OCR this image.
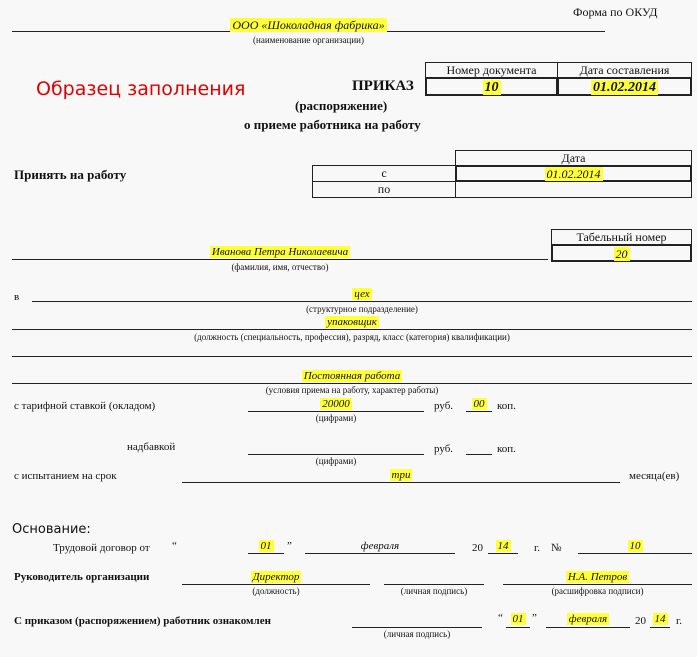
Форма по ОКУД
ООО «Шоколадная фабрика»
(наименование организации)
Образец заполнения	ПРИКАЗ
(распоряжение)
о приеме работника на работу
Номер документа	Дата составления
10	01.02.2014
Принять на работу
Дата
с	01.02.2014
по
Табельный номер
20
Иванова Петра Николаевича
(фамилия, имя, отчество)
в	цех
(структурное подразделение)
упаковщик
(должность (специальность, профессия), разряд, класс (категория) квалификации)
Постоянная работа
(условия приема на работу, характер работы)
с тарифной ставкой (окладом)	20000
(цифрами)
руб.	00	коп.
надбавкой
(цифрами)
руб.	коп.
с испытанием на срок	три	месяца(ев)
Основание:
Трудовой договор от “	01	”	февраля	20	14	г. №	10
Руководитель организации	Директор
(должность)	(личная подпись)
Н.А. Петров
(расшифровка подписи)
С приказом (распоряжением) работник ознакомлен
(личная подпись)
“ 01 ”	февраля	20 14 г.
